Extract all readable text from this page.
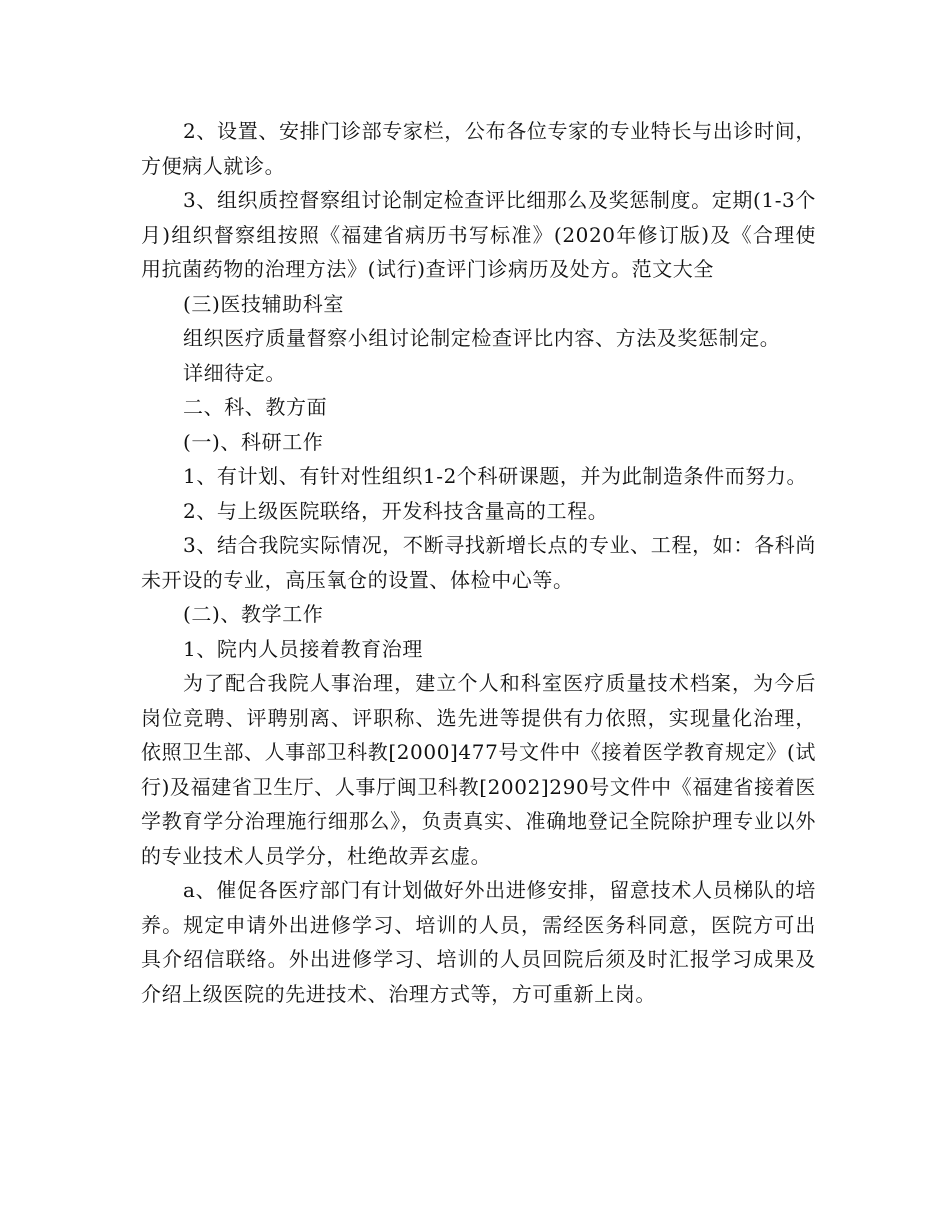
2、设置、安排门诊部专家栏，公布各位专家的专业特长与出诊时间，方便病人就诊。

3、组织质控督察组讨论制定检查评比细那么及奖惩制度。定期(1-3个月)组织督察组按照《福建省病历书写标准》(2020年修订版)及《合理使用抗菌药物的治理方法》(试行)查评门诊病历及处方。范文大全

(三)医技辅助科室

组织医疗质量督察小组讨论制定检查评比内容、方法及奖惩制定。

详细待定。

二、科、教方面

(一)、科研工作

1、有计划、有针对性组织1-2个科研课题，并为此制造条件而努力。

2、与上级医院联络，开发科技含量高的工程。

3、结合我院实际情况，不断寻找新增长点的专业、工程，如：各科尚未开设的专业，高压氧仓的设置、体检中心等。

(二)、教学工作

1、院内人员接着教育治理

为了配合我院人事治理，建立个人和科室医疗质量技术档案，为今后岗位竞聘、评聘别离、评职称、选先进等提供有力依照，实现量化治理，依照卫生部、人事部卫科教[2000]477号文件中《接着医学教育规定》(试行)及福建省卫生厅、人事厅闽卫科教[2002]290号文件中《福建省接着医学教育学分治理施行细那么》，负责真实、准确地登记全院除护理专业以外的专业技术人员学分，杜绝故弄玄虚。

a、催促各医疗部门有计划做好外出进修安排，留意技术人员梯队的培养。规定申请外出进修学习、培训的人员，需经医务科同意，医院方可出具介绍信联络。外出进修学习、培训的人员回院后须及时汇报学习成果及介绍上级医院的先进技术、治理方式等，方可重新上岗。
